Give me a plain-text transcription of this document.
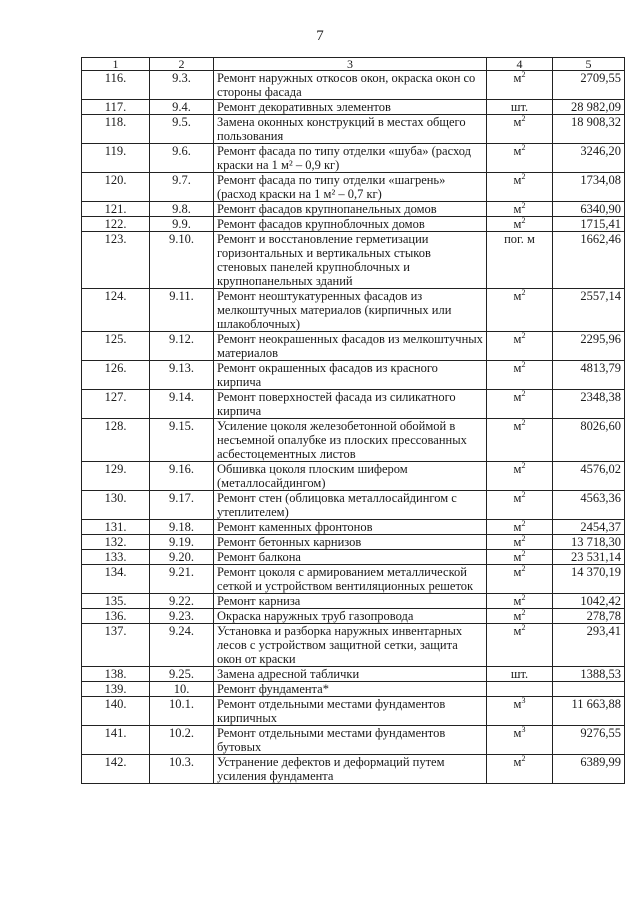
7
1	2	3	4	5
116.	9.3.	Ремонт наружных откосов окон, окраска окон со стороны фасада	$м^2$	2709,55
117.	9.4.	Ремонт декоративных элементов	шт.	28 982,09
118.	9.5.	Замена оконных конструкций в местах общего пользования	$м^2$	18 908,32
119.	9.6.	Ремонт фасада по типу отделки «шуба» (расход краски на 1 м² – 0,9 кг)	$м^2$	3246,20
120.	9.7.	Ремонт фасада по типу отделки «шагрень» (расход краски на 1 м² – 0,7 кг)	$м^2$	1734,08
121.	9.8.	Ремонт фасадов крупнопанельных домов	$м^2$	6340,90
122.	9.9.	Ремонт фасадов крупноблочных домов	$м^2$	1715,41
123.	9.10.	Ремонт и восстановление герметизации горизонтальных и вертикальных стыков стеновых панелей крупноблочных и крупнопанельных зданий	пог. м	1662,46
124.	9.11.	Ремонт неоштукатуренных фасадов из мелкоштучных материалов (кирпичных или шлакоблочных)	$м^2$	2557,14
125.	9.12.	Ремонт неокрашенных фасадов из мелкоштучных материалов	$м^2$	2295,96
126.	9.13.	Ремонт окрашенных фасадов из красного кирпича	$м^2$	4813,79
127.	9.14.	Ремонт поверхностей фасада из силикатного кирпича	$м^2$	2348,38
128.	9.15.	Усиление цоколя железобетонной обоймой в несъемной опалубке из плоских прессованных асбестоцементных листов	$м^2$	8026,60
129.	9.16.	Обшивка цоколя плоским шифером (металлосайдингом)	$м^2$	4576,02
130.	9.17.	Ремонт стен (облицовка металлосайдингом с утеплителем)	$м^2$	4563,36
131.	9.18.	Ремонт каменных фронтонов	$м^2$	2454,37
132.	9.19.	Ремонт бетонных карнизов	$м^2$	13 718,30
133.	9.20.	Ремонт балкона	$м^2$	23 531,14
134.	9.21.	Ремонт цоколя с армированием металлической сеткой и устройством вентиляционных решеток	$м^2$	14 370,19
135.	9.22.	Ремонт карниза	$м^2$	1042,42
136.	9.23.	Окраска наружных труб газопровода	$м^2$	278,78
137.	9.24.	Установка и разборка наружных инвентарных лесов с устройством защитной сетки, защита окон от краски	$м^2$	293,41
138.	9.25.	Замена адресной таблички	шт.	1388,53
139.	10.	Ремонт фундамента*		
140.	10.1.	Ремонт отдельными местами фундаментов кирпичных	$м^3$	11 663,88
141.	10.2.	Ремонт отдельными местами фундаментов бутовых	$м^3$	9276,55
142.	10.3.	Устранение дефектов и деформаций путем усиления фундамента	$м^2$	6389,99
